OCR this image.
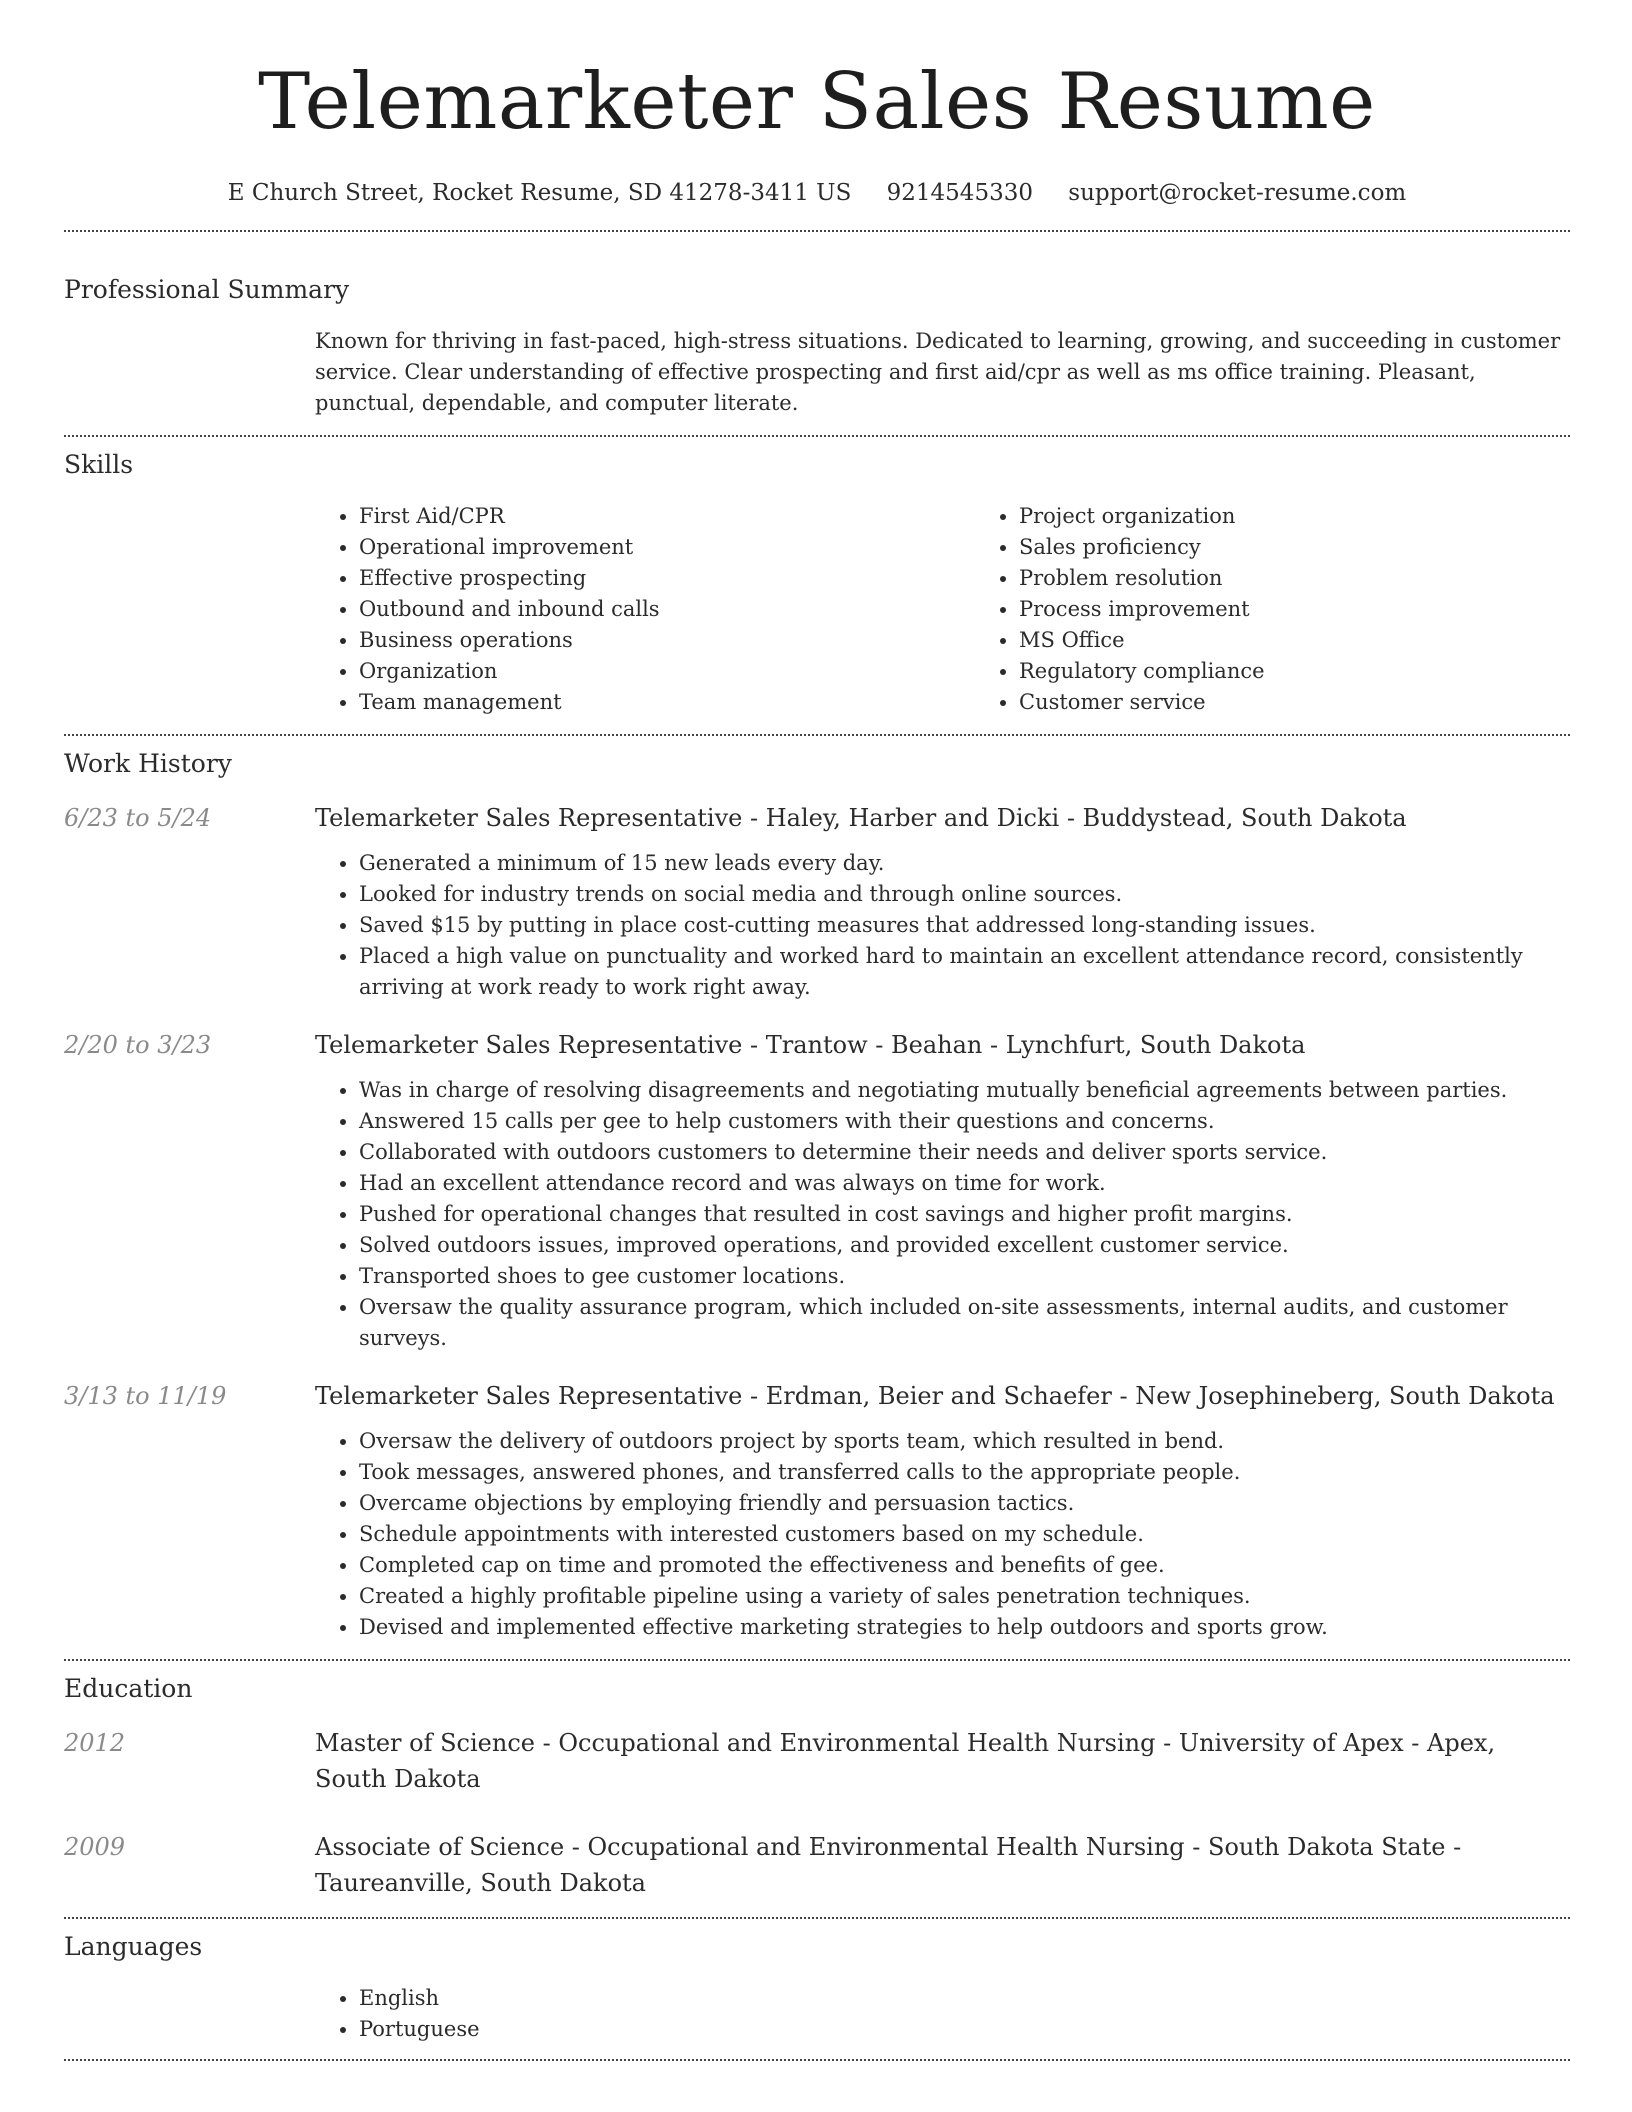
Telemarketer Sales Resume
E Church Street, Rocket Resume, SD 41278-3411 US 9214545330 support@rocket-resume.com
Professional Summary
Known for thriving in fast-paced, high-stress situations. Dedicated to learning, growing, and succeeding in customer service. Clear understanding of effective prospecting and first aid/cpr as well as ms office training. Pleasant, punctual, dependable, and computer literate.
Skills
• First Aid/CPR
• Operational improvement
• Effective prospecting
• Outbound and inbound calls
• Business operations
• Organization
• Team management
• Project organization
• Sales proficiency
• Problem resolution
• Process improvement
• MS Office
• Regulatory compliance
• Customer service
Work History
6/23 to 5/24	Telemarketer Sales Representative - Haley, Harber and Dicki - Buddystead, South Dakota
• Generated a minimum of 15 new leads every day.
• Looked for industry trends on social media and through online sources.
• Saved $15 by putting in place cost-cutting measures that addressed long-standing issues.
• Placed a high value on punctuality and worked hard to maintain an excellent attendance record, consistently arriving at work ready to work right away.
2/20 to 3/23	Telemarketer Sales Representative - Trantow - Beahan - Lynchfurt, South Dakota
• Was in charge of resolving disagreements and negotiating mutually beneficial agreements between parties.
• Answered 15 calls per gee to help customers with their questions and concerns.
• Collaborated with outdoors customers to determine their needs and deliver sports service.
• Had an excellent attendance record and was always on time for work.
• Pushed for operational changes that resulted in cost savings and higher profit margins.
• Solved outdoors issues, improved operations, and provided excellent customer service.
• Transported shoes to gee customer locations.
• Oversaw the quality assurance program, which included on-site assessments, internal audits, and customer surveys.
3/13 to 11/19	Telemarketer Sales Representative - Erdman, Beier and Schaefer - New Josephineberg, South Dakota
• Oversaw the delivery of outdoors project by sports team, which resulted in bend.
• Took messages, answered phones, and transferred calls to the appropriate people.
• Overcame objections by employing friendly and persuasion tactics.
• Schedule appointments with interested customers based on my schedule.
• Completed cap on time and promoted the effectiveness and benefits of gee.
• Created a highly profitable pipeline using a variety of sales penetration techniques.
• Devised and implemented effective marketing strategies to help outdoors and sports grow.
Education
2012	Master of Science - Occupational and Environmental Health Nursing - University of Apex - Apex, South Dakota
2009	Associate of Science - Occupational and Environmental Health Nursing - South Dakota State - Taureanville, South Dakota
Languages
• English
• Portuguese
